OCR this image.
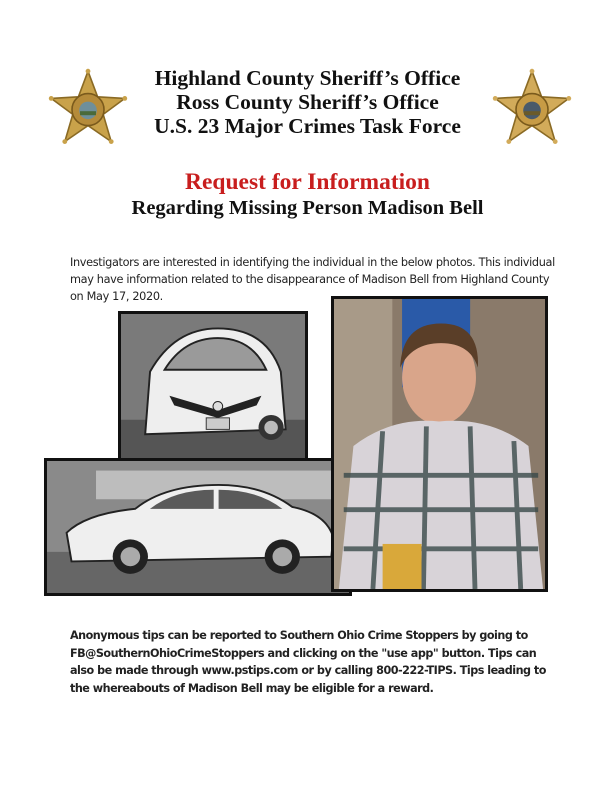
Highland County Sheriff’s Office
Ross County Sheriff’s Office
U.S. 23 Major Crimes Task Force
Request for Information
Regarding Missing Person Madison Bell
Investigators are interested in identifying the individual in the below photos. This individual may have information related to the disappearance of Madison Bell from Highland County on May 17, 2020.
Anonymous tips can be reported to Southern Ohio Crime Stoppers by going to FB@SouthernOhioCrimeStoppers and clicking on the "use app" button. Tips can also be made through www.pstips.com or by calling 800-222-TIPS. Tips leading to the whereabouts of Madison Bell may be eligible for a reward.
